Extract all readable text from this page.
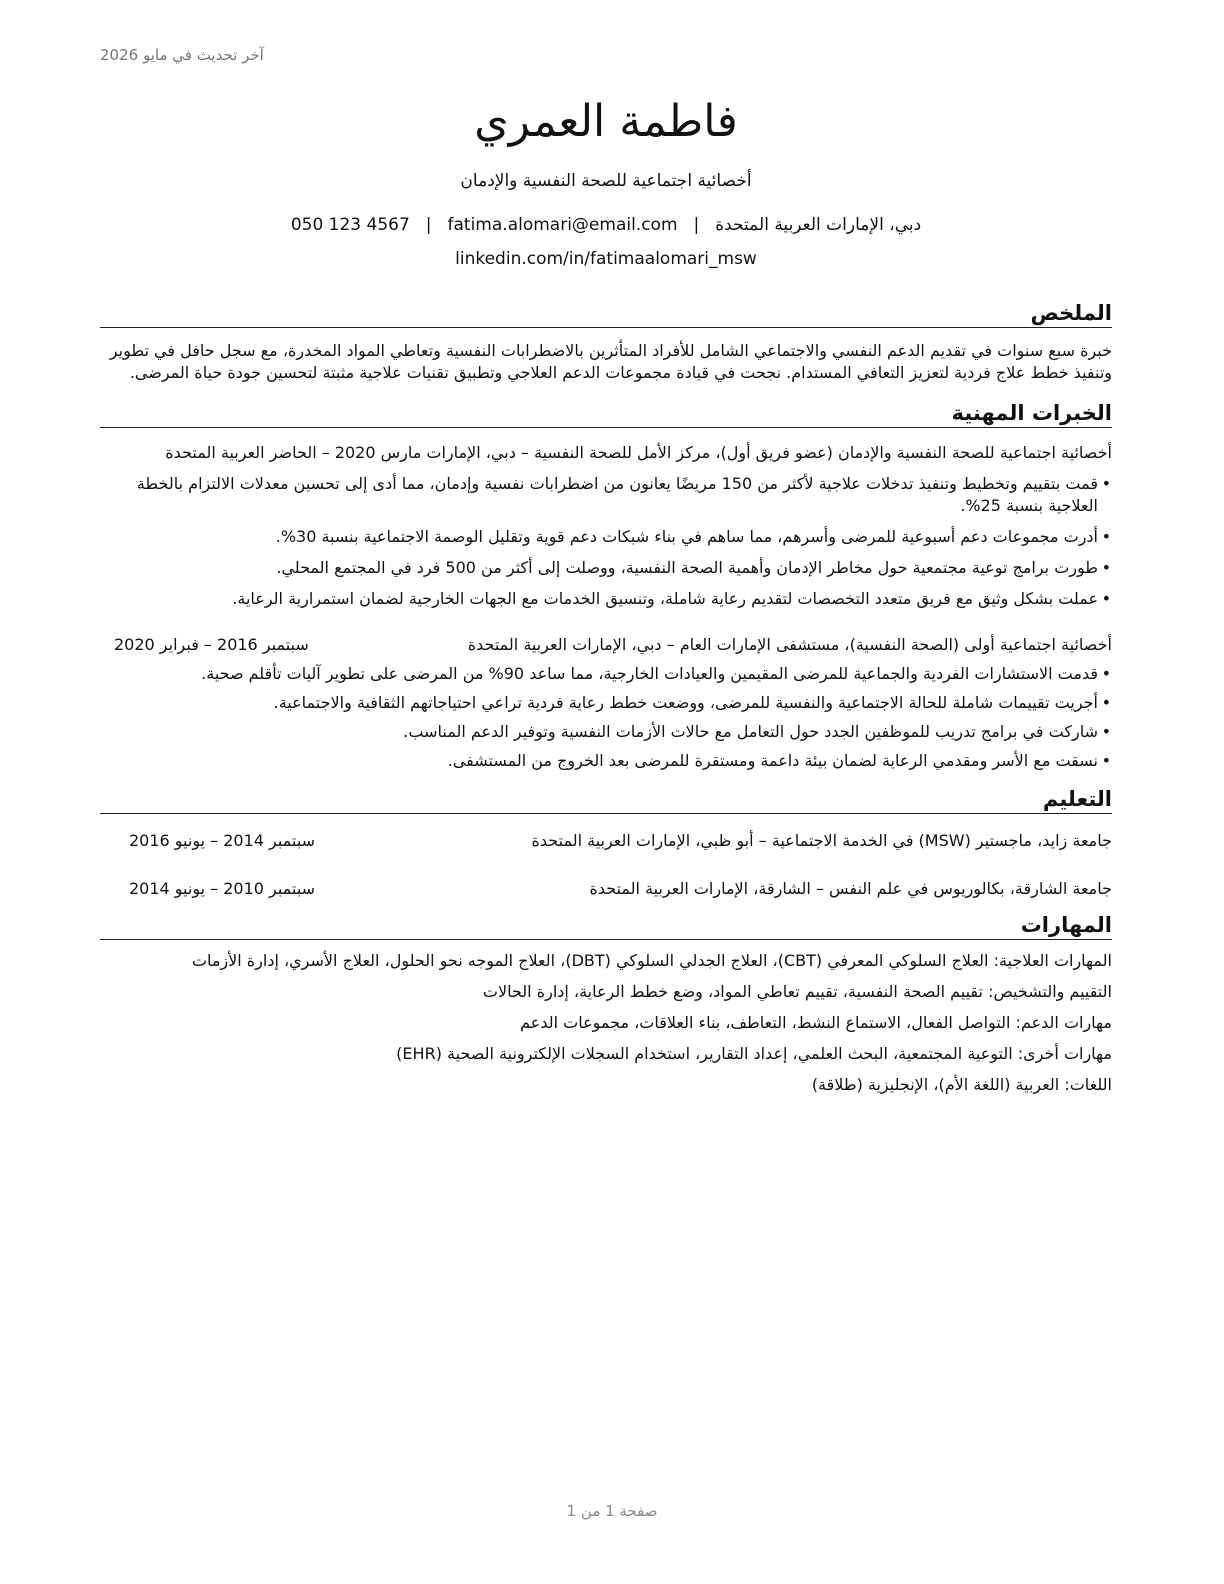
آخر تحديث في مايو 2026
فاطمة العمري
أخصائية اجتماعية للصحة النفسية والإدمان
050 123 4567 | fatima.alomari@email.com | دبي، الإمارات العربية المتحدة
linkedin.com/in/fatimaalomari_msw
الملخص
خبرة سبع سنوات في تقديم الدعم النفسي والاجتماعي الشامل للأفراد المتأثرين بالاضطرابات النفسية وتعاطي المواد المخدرة، مع سجل حافل في تطوير وتنفيذ خطط علاج فردية لتعزيز التعافي المستدام. نجحت في قيادة مجموعات الدعم العلاجي وتطبيق تقنيات علاجية مثبتة لتحسين جودة حياة المرضى.
الخبرات المهنية
أخصائية اجتماعية للصحة النفسية والإدمان (عضو فريق أول)، مركز الأمل للصحة النفسية – دبي، الإمارات مارس 2020 – الحاضر العربية المتحدة
• قمت بتقييم وتخطيط وتنفيذ تدخلات علاجية لأكثر من 150 مريضًا يعانون من اضطرابات نفسية وإدمان، مما أدى إلى تحسين معدلات الالتزام بالخطة العلاجية بنسبة 25%.
• أدرت مجموعات دعم أسبوعية للمرضى وأسرهم، مما ساهم في بناء شبكات دعم قوية وتقليل الوصمة الاجتماعية بنسبة 30%.
• طورت برامج توعية مجتمعية حول مخاطر الإدمان وأهمية الصحة النفسية، ووصلت إلى أكثر من 500 فرد في المجتمع المحلي.
• عملت بشكل وثيق مع فريق متعدد التخصصات لتقديم رعاية شاملة، وتنسيق الخدمات مع الجهات الخارجية لضمان استمرارية الرعاية.
أخصائية اجتماعية أولى (الصحة النفسية)، مستشفى الإمارات العام – دبي، الإمارات العربية المتحدة
سبتمبر 2016 – فبراير 2020
• قدمت الاستشارات الفردية والجماعية للمرضى المقيمين والعيادات الخارجية، مما ساعد 90% من المرضى على تطوير آليات تأقلم صحية.
• أجريت تقييمات شاملة للحالة الاجتماعية والنفسية للمرضى، ووضعت خطط رعاية فردية تراعي احتياجاتهم الثقافية والاجتماعية.
• شاركت في برامج تدريب للموظفين الجدد حول التعامل مع حالات الأزمات النفسية وتوفير الدعم المناسب.
• نسقت مع الأسر ومقدمي الرعاية لضمان بيئة داعمة ومستقرة للمرضى بعد الخروج من المستشفى.
التعليم
جامعة زايد، ماجستير (MSW) في الخدمة الاجتماعية – أبو ظبي، الإمارات العربية المتحدة
سبتمبر 2014 – يونيو 2016
جامعة الشارقة، بكالوريوس في علم النفس – الشارقة، الإمارات العربية المتحدة
سبتمبر 2010 – يونيو 2014
المهارات
المهارات العلاجية: العلاج السلوكي المعرفي (CBT)، العلاج الجدلي السلوكي (DBT)، العلاج الموجه نحو الحلول، العلاج الأسري، إدارة الأزمات
التقييم والتشخيص: تقييم الصحة النفسية، تقييم تعاطي المواد، وضع خطط الرعاية، إدارة الحالات
مهارات الدعم: التواصل الفعال، الاستماع النشط، التعاطف، بناء العلاقات، مجموعات الدعم
مهارات أخرى: التوعية المجتمعية، البحث العلمي، إعداد التقارير، استخدام السجلات الإلكترونية الصحية (EHR)
اللغات: العربية (اللغة الأم)، الإنجليزية (طلاقة)
صفحة 1 من 1
